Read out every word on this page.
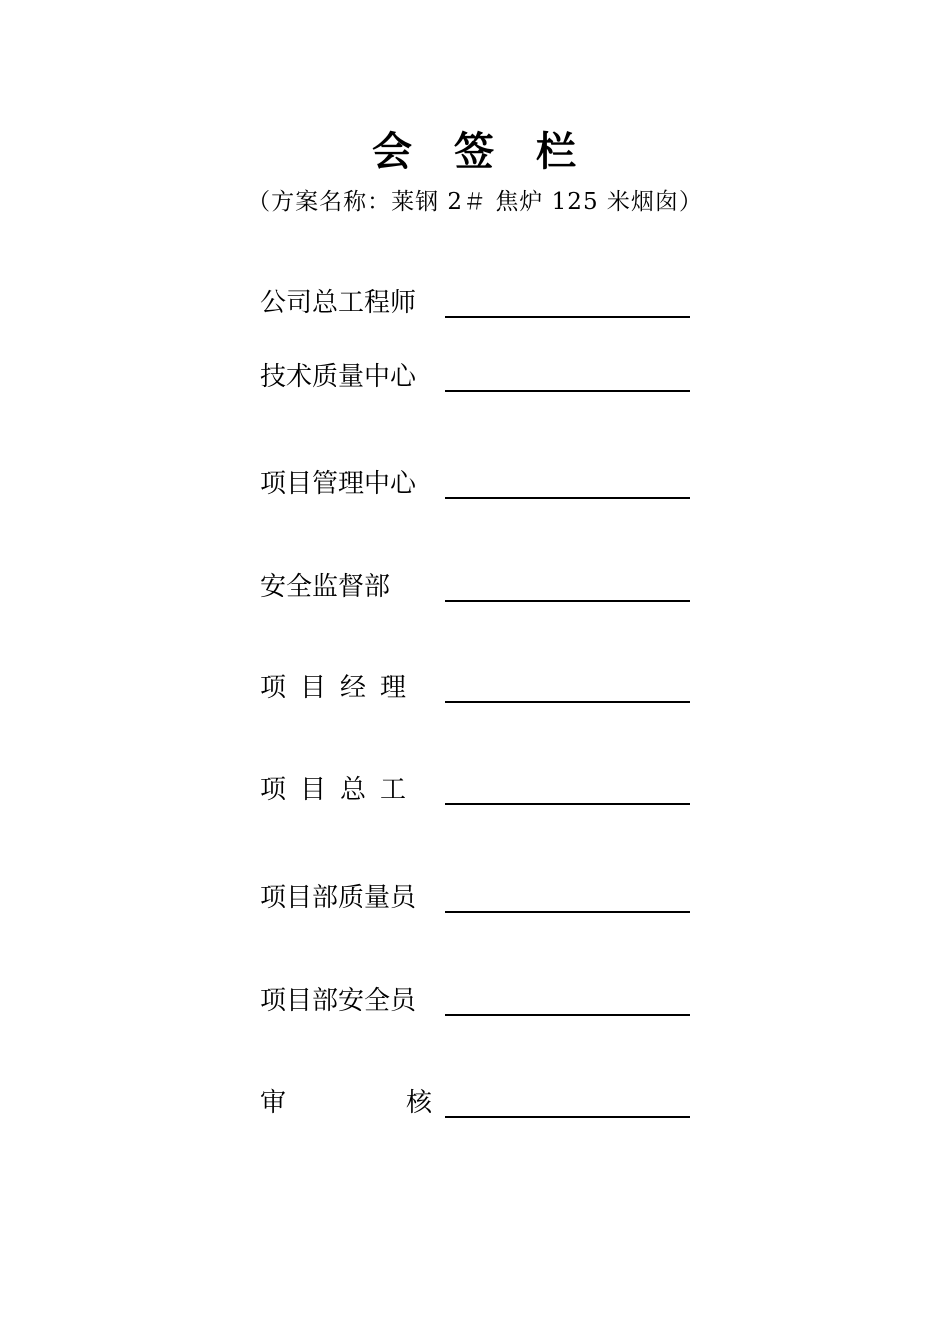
会签栏
（方案名称：莱钢 2＃ 焦炉 125 米烟囱）
公司总工程师
技术质量中心
项目管理中心
安全监督部
项目经理
项目总工
项目部质量员
项目部安全员
审	核
